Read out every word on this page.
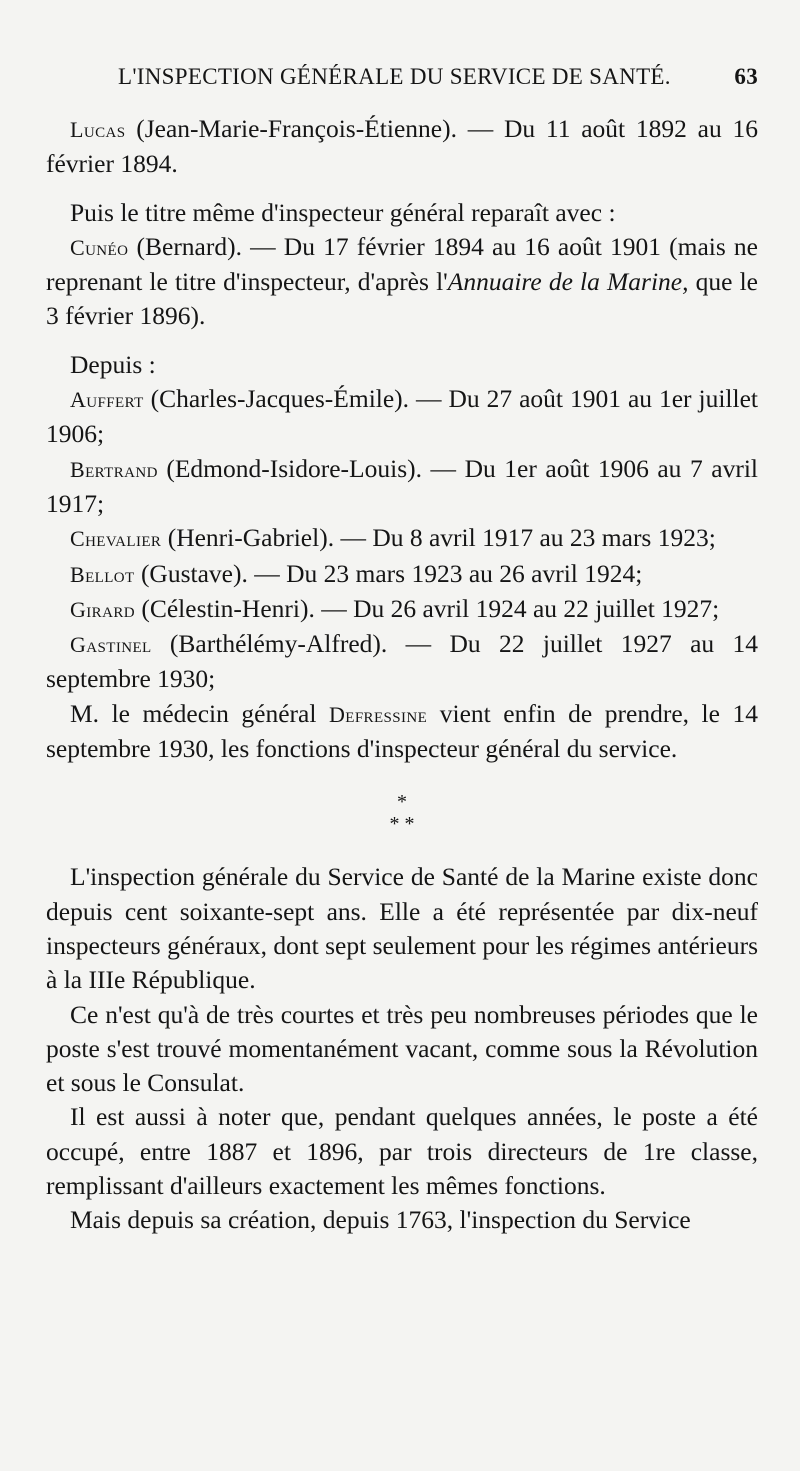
L'INSPECTION GÉNÉRALE DU SERVICE DE SANTÉ.	63

Lucas (Jean-Marie-François-Étienne). — Du 11 août 1892 au 16 février 1894.

Puis le titre même d'inspecteur général reparaît avec :

Cunéo (Bernard). — Du 17 février 1894 au 16 août 1901 (mais ne reprenant le titre d'inspecteur, d'après l'Annuaire de la Marine, que le 3 février 1896).

Depuis :

Auffert (Charles-Jacques-Émile). — Du 27 août 1901 au 1er juillet 1906;

Bertrand (Edmond-Isidore-Louis). — Du 1er août 1906 au 7 avril 1917;

Chevalier (Henri-Gabriel). — Du 8 avril 1917 au 23 mars 1923;

Bellot (Gustave). — Du 23 mars 1923 au 26 avril 1924;

Girard (Célestin-Henri). — Du 26 avril 1924 au 22 juillet 1927;

Gastinel (Barthélémy-Alfred). — Du 22 juillet 1927 au 14 septembre 1930;

M. le médecin général Defressine vient enfin de prendre, le 14 septembre 1930, les fonctions d'inspecteur général du service.

*
* *

L'inspection générale du Service de Santé de la Marine existe donc depuis cent soixante-sept ans. Elle a été représentée par dix-neuf inspecteurs généraux, dont sept seulement pour les régimes antérieurs à la IIIe République.

Ce n'est qu'à de très courtes et très peu nombreuses périodes que le poste s'est trouvé momentanément vacant, comme sous la Révolution et sous le Consulat.

Il est aussi à noter que, pendant quelques années, le poste a été occupé, entre 1887 et 1896, par trois directeurs de 1re classe, remplissant d'ailleurs exactement les mêmes fonctions.

Mais depuis sa création, depuis 1763, l'inspection du Service
